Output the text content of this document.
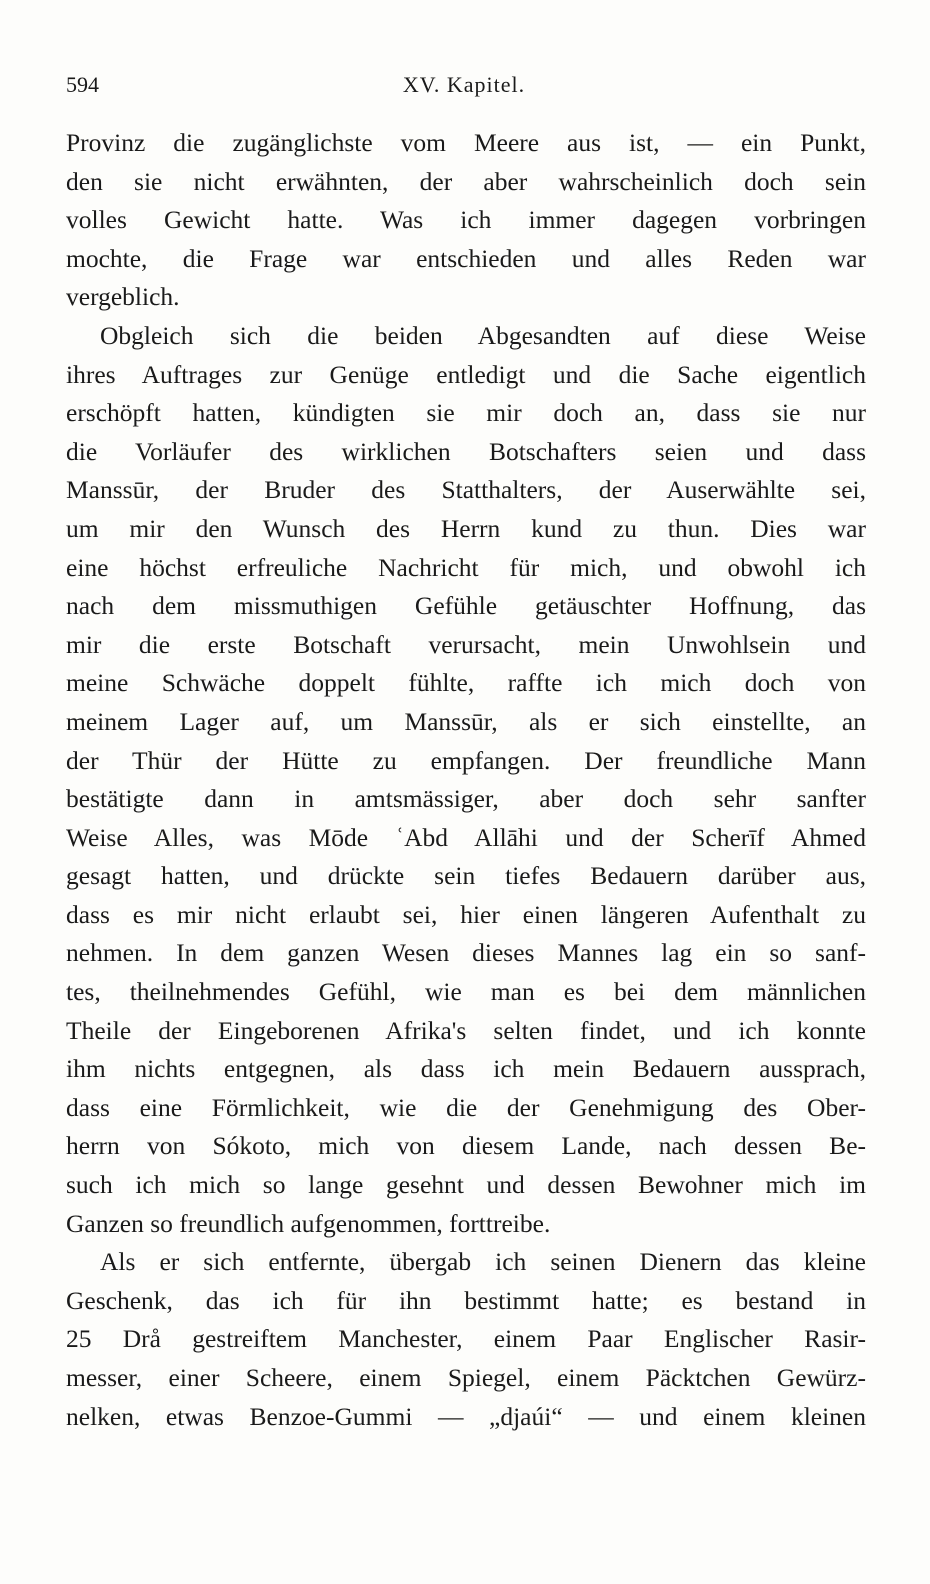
594	XV. Kapitel.
Provinz die zugänglichste vom Meere aus ist, — ein Punkt,
den sie nicht erwähnten, der aber wahrscheinlich doch sein
volles Gewicht hatte. Was ich immer dagegen vorbringen
mochte, die Frage war entschieden und alles Reden war
vergeblich.
Obgleich sich die beiden Abgesandten auf diese Weise
ihres Auftrages zur Genüge entledigt und die Sache eigentlich
erschöpft hatten, kündigten sie mir doch an, dass sie nur
die Vorläufer des wirklichen Botschafters seien und dass
Manssūr, der Bruder des Statthalters, der Auserwählte sei,
um mir den Wunsch des Herrn kund zu thun. Dies war
eine höchst erfreuliche Nachricht für mich, und obwohl ich
nach dem missmuthigen Gefühle getäuschter Hoffnung, das
mir die erste Botschaft verursacht, mein Unwohlsein und
meine Schwäche doppelt fühlte, raffte ich mich doch von
meinem Lager auf, um Manssūr, als er sich einstellte, an
der Thür der Hütte zu empfangen. Der freundliche Mann
bestätigte dann in amtsmässiger, aber doch sehr sanfter
Weise Alles, was Mōde ʿAbd Allāhi und der Scherīf Ahmed
gesagt hatten, und drückte sein tiefes Bedauern darüber aus,
dass es mir nicht erlaubt sei, hier einen längeren Aufenthalt zu
nehmen. In dem ganzen Wesen dieses Mannes lag ein so sanf-
tes, theilnehmendes Gefühl, wie man es bei dem männlichen
Theile der Eingeborenen Afrika's selten findet, und ich konnte
ihm nichts entgegnen, als dass ich mein Bedauern aussprach,
dass eine Förmlichkeit, wie die der Genehmigung des Ober-
herrn von Sókoto, mich von diesem Lande, nach dessen Be-
such ich mich so lange gesehnt und dessen Bewohner mich im
Ganzen so freundlich aufgenommen, forttreibe.
Als er sich entfernte, übergab ich seinen Dienern das kleine
Geschenk, das ich für ihn bestimmt hatte; es bestand in
25 Drå gestreiftem Manchester, einem Paar Englischer Rasir-
messer, einer Scheere, einem Spiegel, einem Päcktchen Gewürz-
nelken, etwas Benzoe-Gummi — „djaúi“ — und einem kleinen
